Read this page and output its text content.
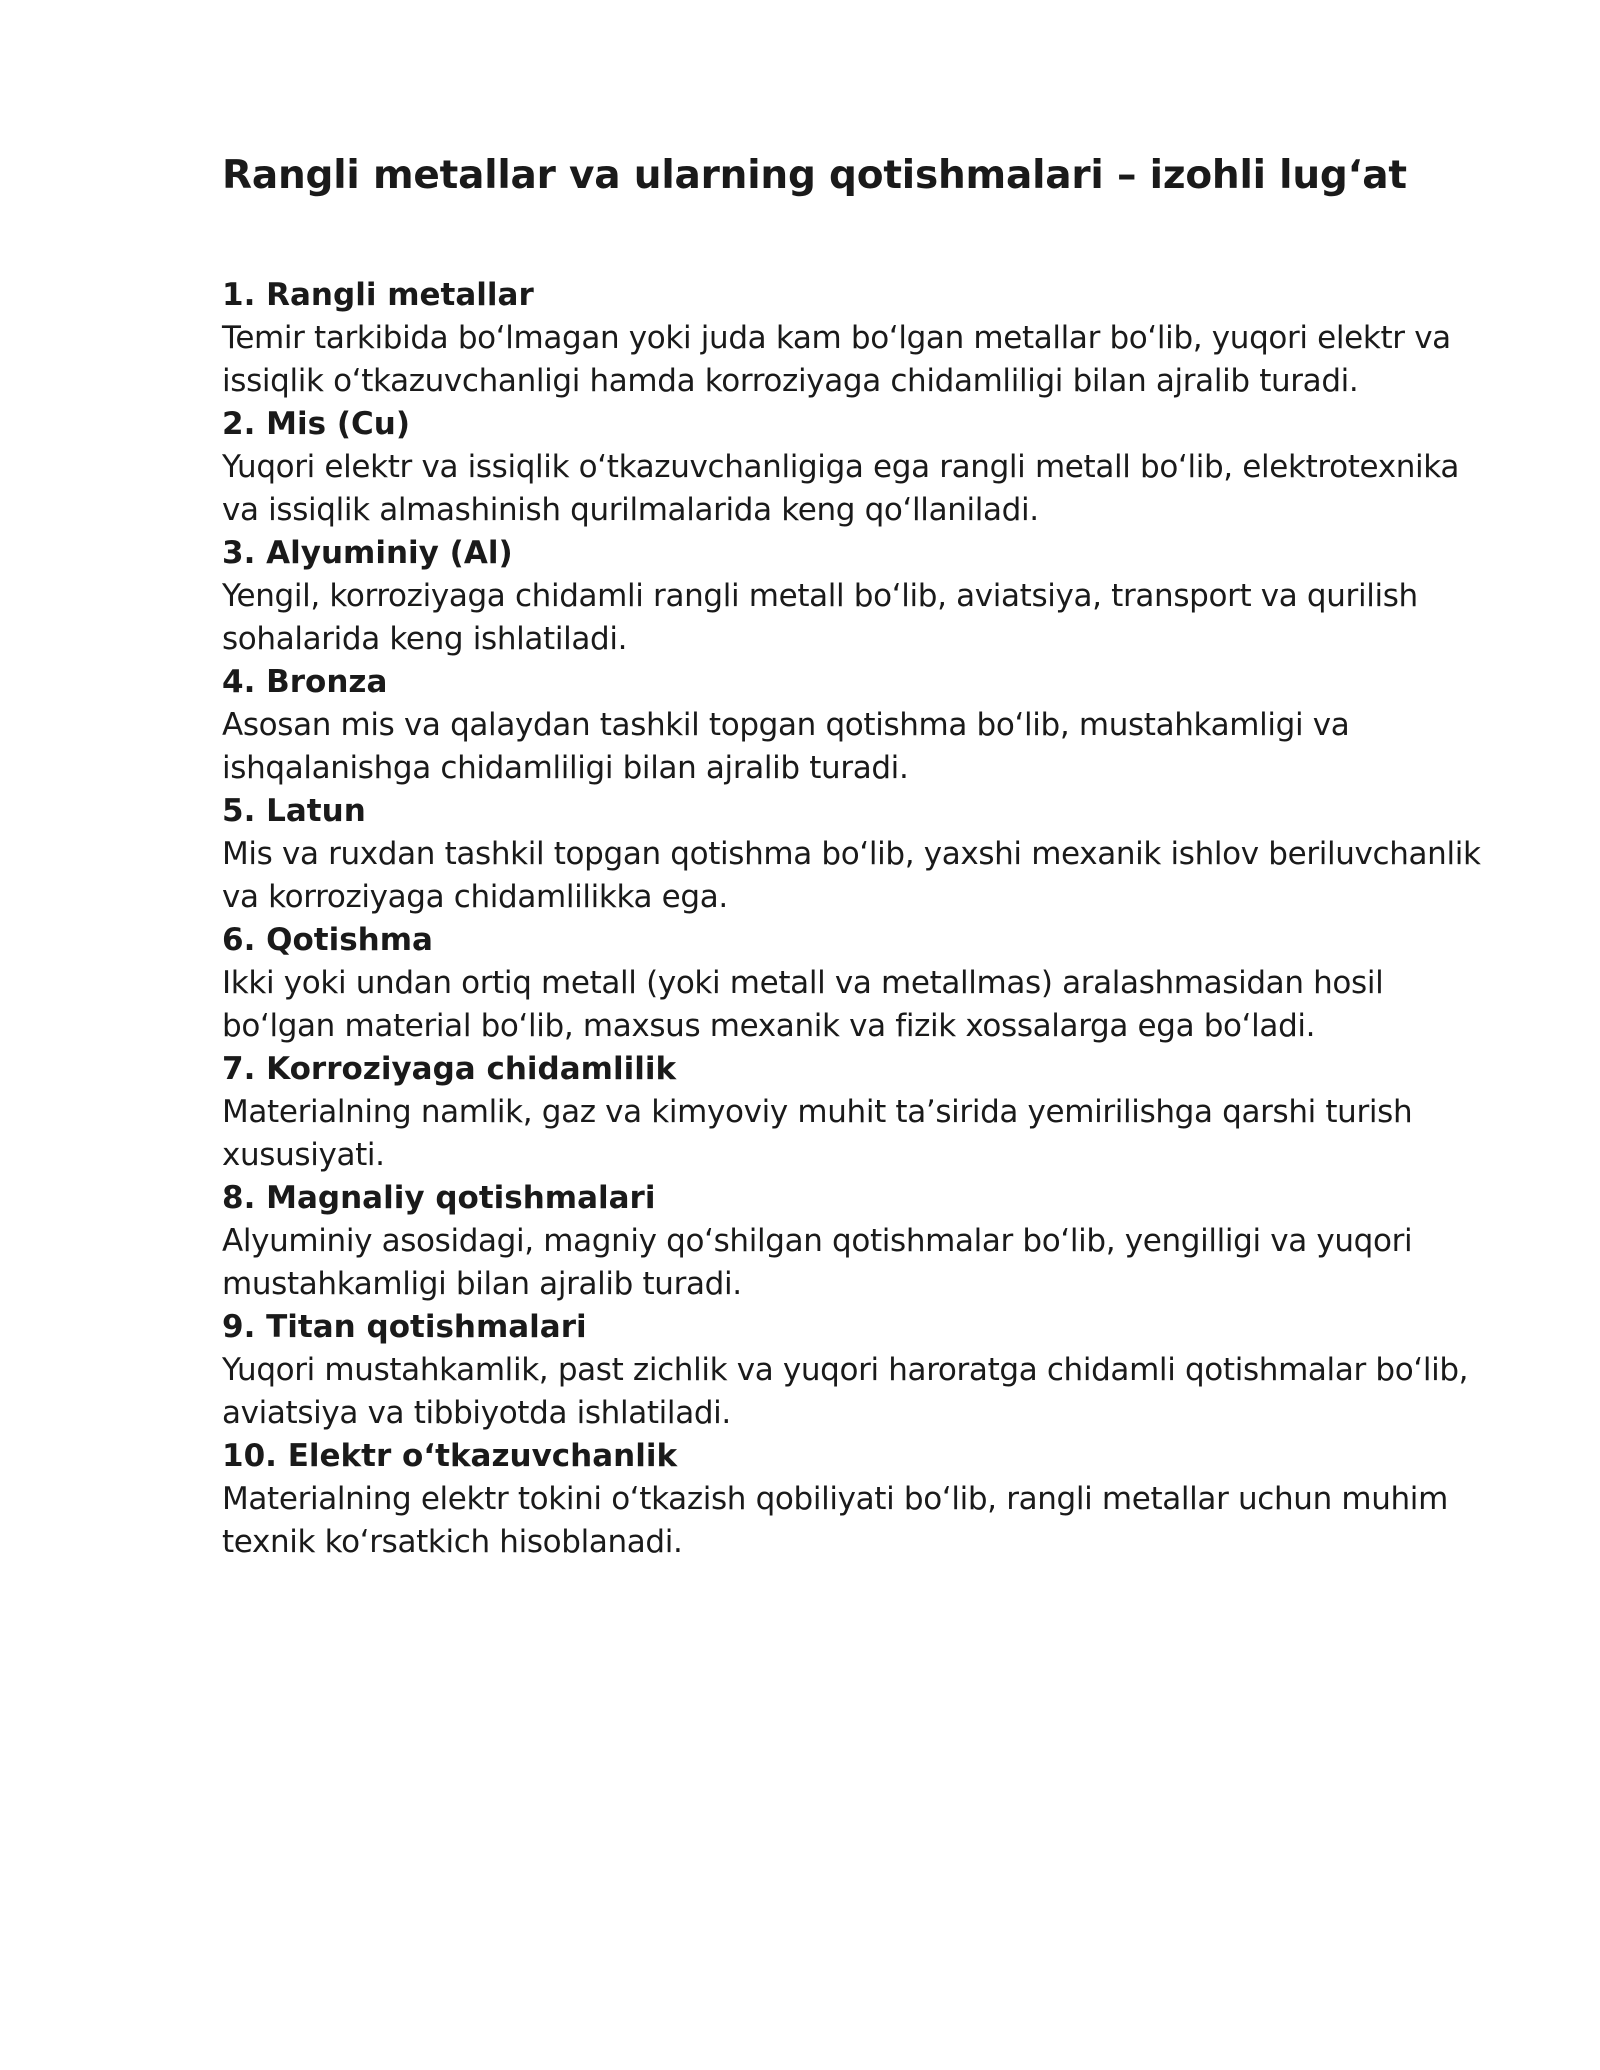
Rangli metallar va ularning qotishmalari – izohli lug‘at
1. Rangli metallar
Temir tarkibida bo‘lmagan yoki juda kam bo‘lgan metallar bo‘lib, yuqori elektr va issiqlik o‘tkazuvchanligi hamda korroziyaga chidamliligi bilan ajralib turadi.
2. Mis (Cu)
Yuqori elektr va issiqlik o‘tkazuvchanligiga ega rangli metall bo‘lib, elektrotexnika va issiqlik almashinish qurilmalarida keng qo‘llaniladi.
3. Alyuminiy (Al)
Yengil, korroziyaga chidamli rangli metall bo‘lib, aviatsiya, transport va qurilish sohalarida keng ishlatiladi.
4. Bronza
Asosan mis va qalaydan tashkil topgan qotishma bo‘lib, mustahkamligi va ishqalanishga chidamliligi bilan ajralib turadi.
5. Latun
Mis va ruxdan tashkil topgan qotishma bo‘lib, yaxshi mexanik ishlov beriluvchanlik va korroziyaga chidamlilikka ega.
6. Qotishma
Ikki yoki undan ortiq metall (yoki metall va metallmas) aralashmasidan hosil bo‘lgan material bo‘lib, maxsus mexanik va fizik xossalarga ega bo‘ladi.
7. Korroziyaga chidamlilik
Materialning namlik, gaz va kimyoviy muhit ta’sirida yemirilishga qarshi turish xususiyati.
8. Magnaliy qotishmalari
Alyuminiy asosidagi, magniy qo‘shilgan qotishmalar bo‘lib, yengilligi va yuqori mustahkamligi bilan ajralib turadi.
9. Titan qotishmalari
Yuqori mustahkamlik, past zichlik va yuqori haroratga chidamli qotishmalar bo‘lib, aviatsiya va tibbiyotda ishlatiladi.
10. Elektr o‘tkazuvchanlik
Materialning elektr tokini o‘tkazish qobiliyati bo‘lib, rangli metallar uchun muhim texnik ko‘rsatkich hisoblanadi.
